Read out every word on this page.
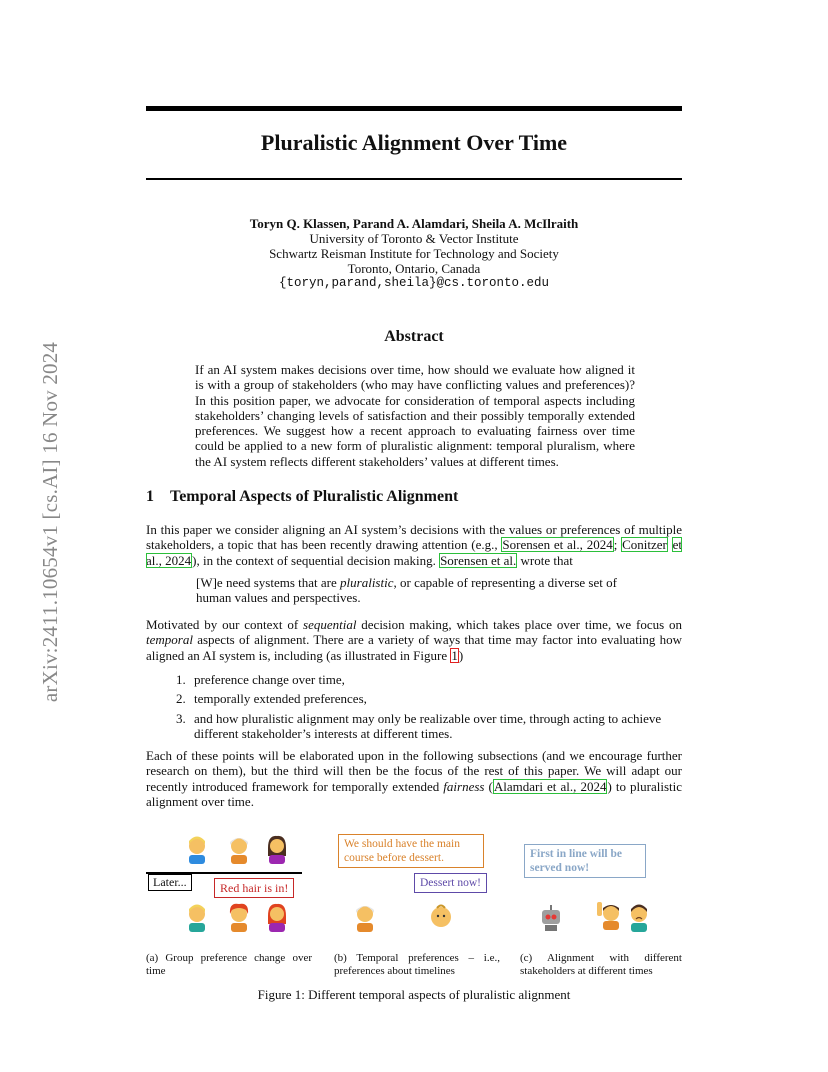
arXiv:2411.10654v1 [cs.AI] 16 Nov 2024
Pluralistic Alignment Over Time
Toryn Q. Klassen, Parand A. Alamdari, Sheila A. McIlraith
University of Toronto & Vector Institute
Schwartz Reisman Institute for Technology and Society
Toronto, Ontario, Canada
{toryn,parand,sheila}@cs.toronto.edu
Abstract
If an AI system makes decisions over time, how should we evaluate how aligned it is with a group of stakeholders (who may have conflicting values and preferences)? In this position paper, we advocate for consideration of temporal aspects including stakeholders’ changing levels of satisfaction and their possibly temporally extended preferences. We suggest how a recent approach to evaluating fairness over time could be applied to a new form of pluralistic alignment: temporal pluralism, where the AI system reflects different stakeholders’ values at different times.
1 Temporal Aspects of Pluralistic Alignment
In this paper we consider aligning an AI system’s decisions with the values or preferences of multiple stakeholders, a topic that has been recently drawing attention (e.g., Sorensen et al., 2024; Conitzer et al., 2024), in the context of sequential decision making. Sorensen et al. wrote that
[W]e need systems that are pluralistic, or capable of representing a diverse set of human values and perspectives.
Motivated by our context of sequential decision making, which takes place over time, we focus on temporal aspects of alignment. There are a variety of ways that time may factor into evaluating how aligned an AI system is, including (as illustrated in Figure 1)
1. preference change over time,
2. temporally extended preferences,
3. and how pluralistic alignment may only be realizable over time, through acting to achieve different stakeholder’s interests at different times.
Each of these points will be elaborated upon in the following subsections (and we encourage further research on them), but the third will then be the focus of the rest of this paper. We will adapt our recently introduced framework for temporally extended fairness (Alamdari et al., 2024) to pluralistic alignment over time.
Later...	Red hair is in!
We should have the main course before dessert.
Dessert now!
First in line will be served now!
(a) Group preference change over time
(b) Temporal preferences – i.e., preferences about timelines
(c) Alignment with different stakeholders at different times
Figure 1: Different temporal aspects of pluralistic alignment
